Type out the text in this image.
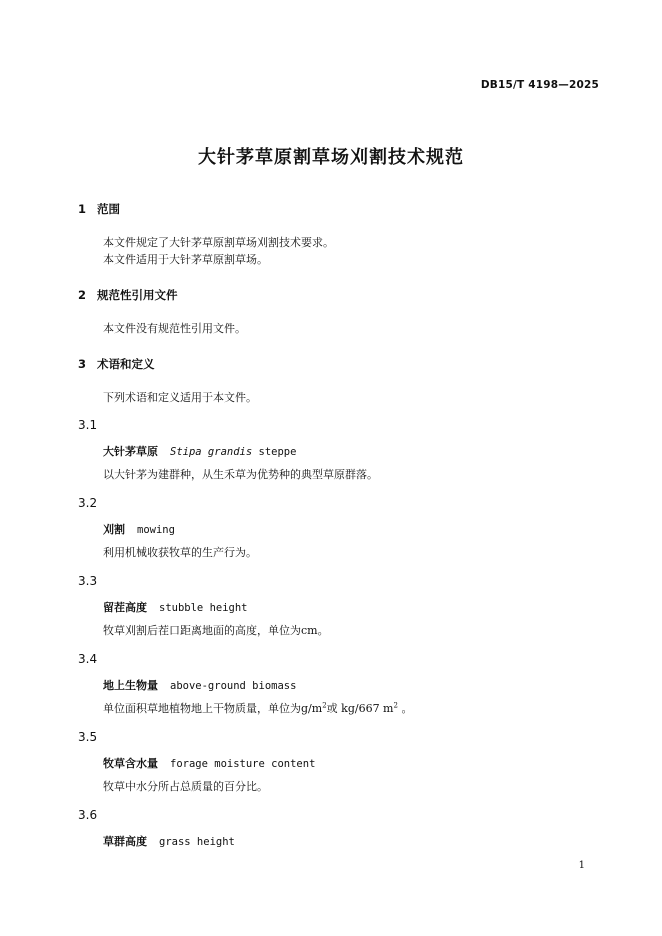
DB15/T 4198—2025
大针茅草原割草场刈割技术规范
1 范围
本文件规定了大针茅草原割草场刈割技术要求。
本文件适用于大针茅草原割草场。
2 规范性引用文件
本文件没有规范性引用文件。
3 术语和定义
下列术语和定义适用于本文件。
3.1
大针茅草原 Stipa grandis steppe
以大针茅为建群种，从生禾草为优势种的典型草原群落。
3.2
刈割 mowing
利用机械收获牧草的生产行为。
3.3
留茬高度 stubble height
牧草刈割后茬口距离地面的高度，单位为cm。
3.4
地上生物量 above-ground biomass
单位面积草地植物地上干物质量，单位为$g/m^2$或 kg/667 $m^2$ 。
3.5
牧草含水量 forage moisture content
牧草中水分所占总质量的百分比。
3.6
草群高度 grass height
1
